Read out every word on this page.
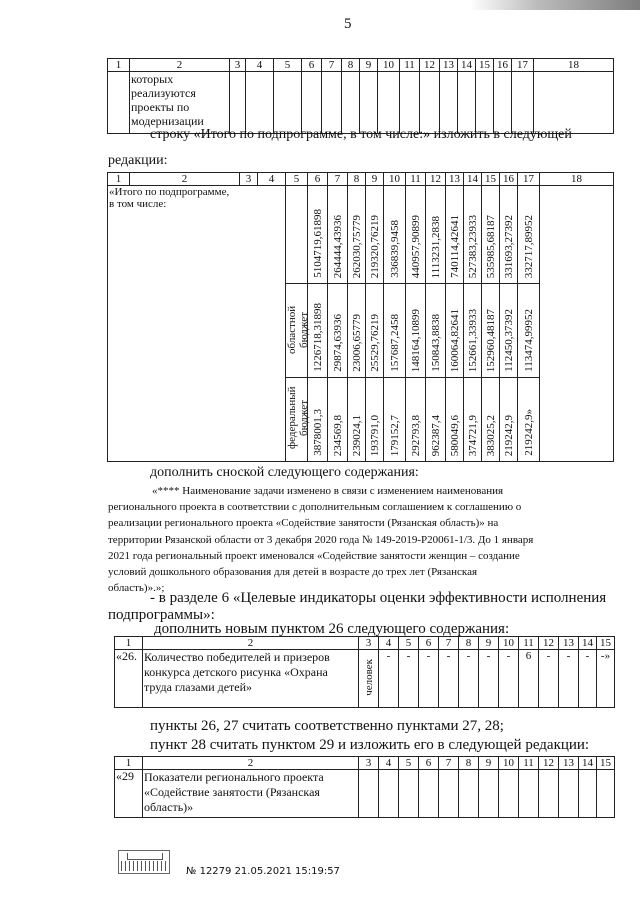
5
1	2	3	4	5	6	7	8	9	10	11	12	13	14	15	16	17	18

	которых
реализуются
проекты по
модернизации																

строку «Итого по подпрограмме, в том числе:» изложить в следующей
редакции:
1	2	3	4	5	6	7	8	9	10	11	12	13	14	15	16	17	18

«Итого по подпрограмме,
в том числе:					5104719,61898	264444,43936	262030,75779	219320,76219	336839,9458	440957,90899	1113231,2838	740114,42641	527383,23933	535985,68187	331693,27392	332717,89952	
				областной бюджет	1226718,31898	29874,63936	23006,65779	25529,76219	157687,2458	148164,10899	150843,8838	160064,82641	152661,33933	152960,48187	112450,37392	113474,99952	
				федеральный бюджет	3878001,3	234569,8	239024,1	193791,0	179152,7	292793,8	962387,4	580049,6	374721,9	383025,2	219242,9	219242,9»	
дополнить сноской следующего содержания:
«**** Наименование задачи изменено в связи с изменением наименования
регионального проекта в соответствии с дополнительным соглашением к соглашению о
реализации регионального проекта «Содействие занятости (Рязанская область)» на
территории Рязанской области от 3 декабря 2020 года № 149-2019-P20061-1/3. До 1 января
2021 года региональный проект именовался «Содействие занятости женщин – создание
условий дошкольного образования для детей в возрасте до трех лет (Рязанская
область)».»;
- в разделе 6 «Целевые индикаторы оценки эффективности исполнения
подпрограммы»:
дополнить новым пунктом 26 следующего содержания:
1	2	3	4	5	6	7	8	9	10	11	12	13	14	15
«26.	Количество победителей и призеров
конкурса детского рисунка «Охрана
труда глазами детей»	человек	-	-	-	-	-	-	-	6	-	-	-	-»
пункты 26, 27 считать соответственно пунктами 27, 28;
пункт 28 считать пунктом 29 и изложить его в следующей редакции:
1	2	3	4	5	6	7	8	9	10	11	12	13	14	15
«29	Показатели регионального проекта
«Содействие занятости (Рязанская
область)»													

№ 12279 21.05.2021 15:19:57
